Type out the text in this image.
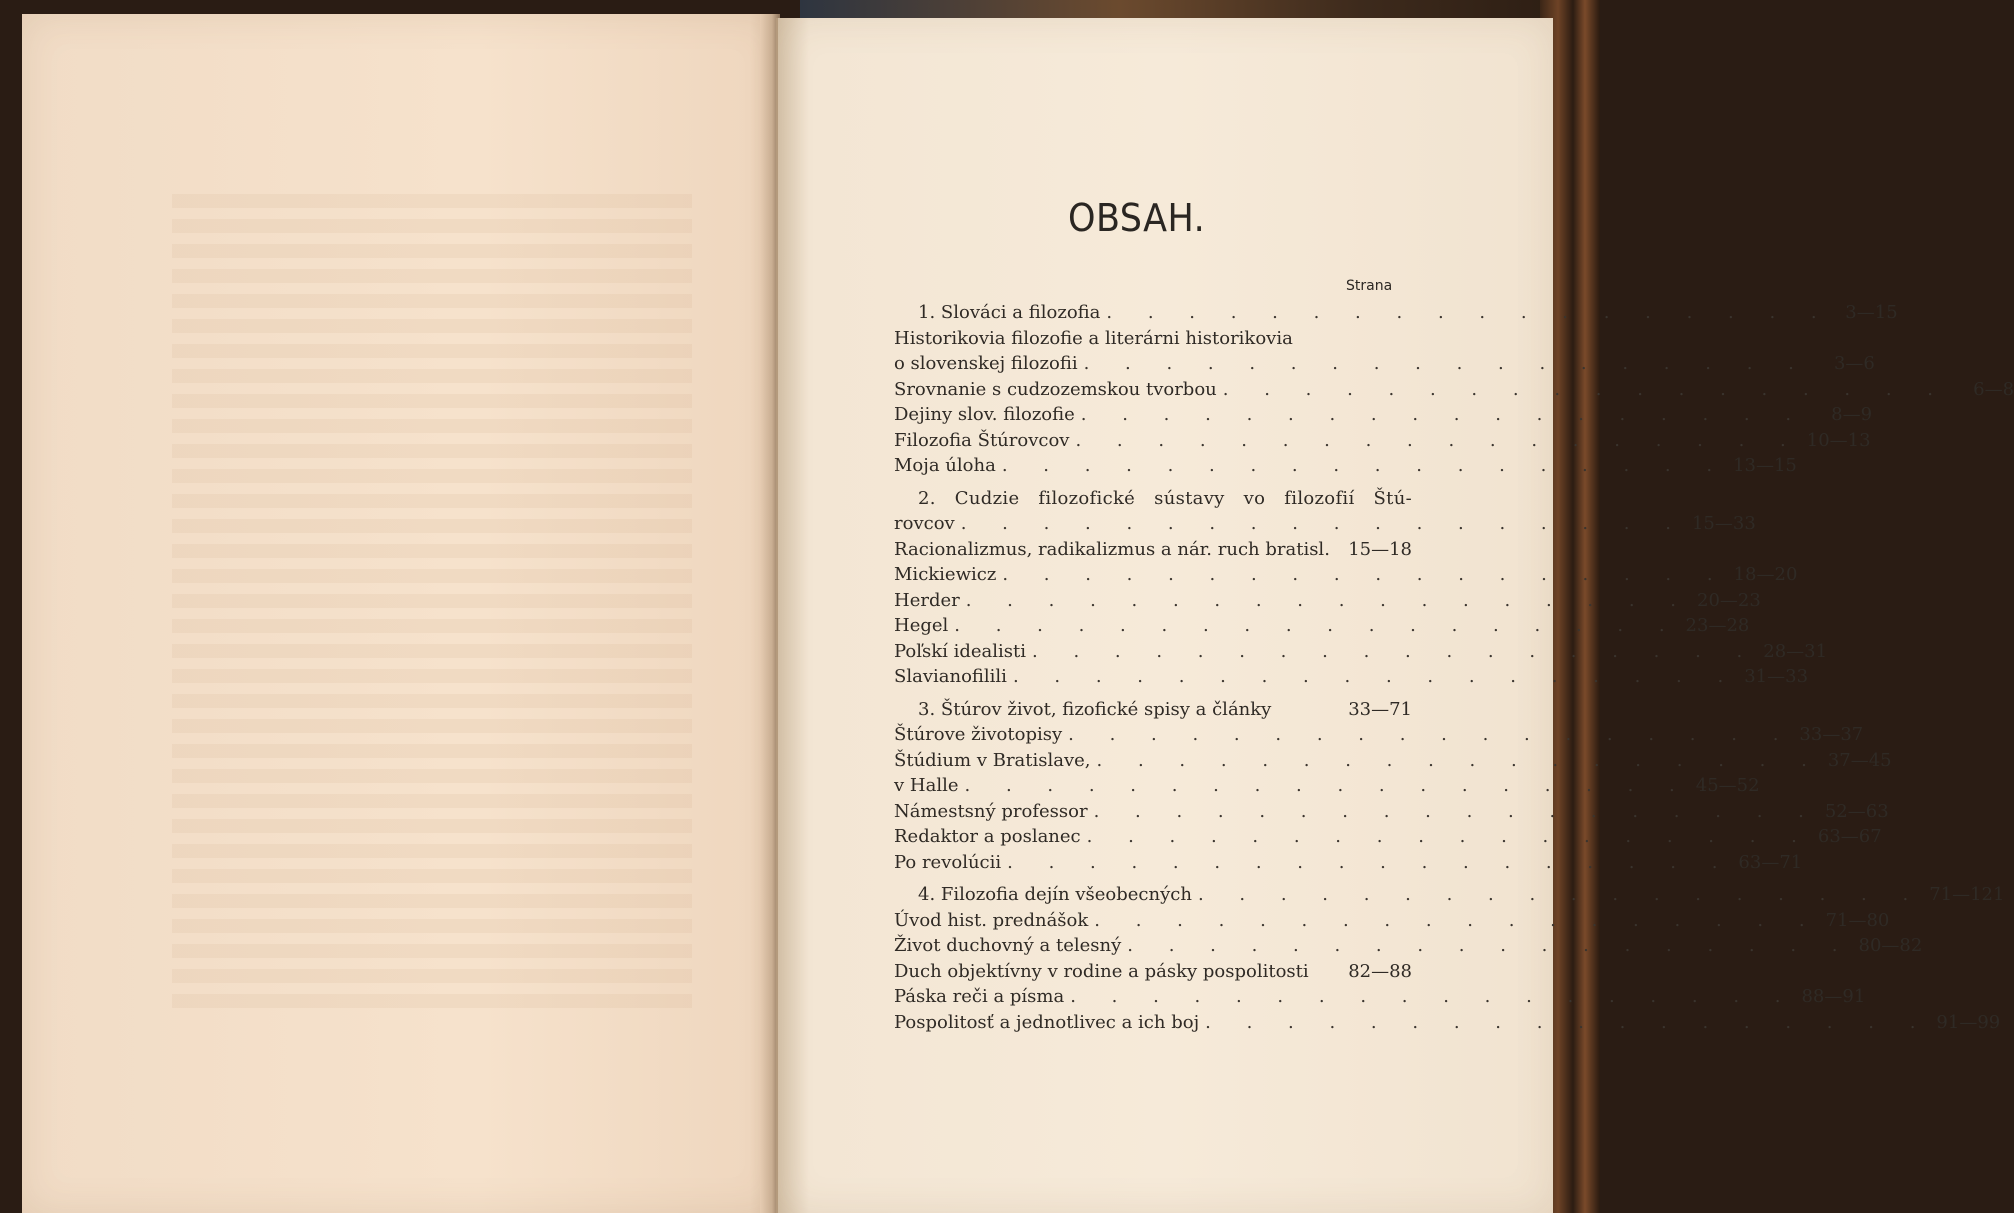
OBSAH.
Strana
1. Slováci a filozofia . . . . . . . . . . . . . . . . . . 3—15
Historikovia filozofie a literárni historikovia
o slovenskej filozofii . . . . . . . . . . . . . . . . . .	3—6
Srovnanie s cudzozemskou tvorbou . . . . . . . . . . . . . . . . . .	6—8
Dejiny slov. filozofie . . . . . . . . . . . . . . . . . .	8—9
Filozofia Štúrovcov . . . . . . . . . . . . . . . . . . 10—13
Moja úloha . . . . . . . . . . . . . . . . . . 13—15
2. Cudzie filozofické sústavy vo filozofií Štú-
rovcov . . . . . . . . . . . . . . . . . . 15—33
Racionalizmus, radikalizmus a nár. ruch bratisl. 15—18
Mickiewicz . . . . . . . . . . . . . . . . . . 18—20
Herder . . . . . . . . . . . . . . . . . . 20—23
Hegel . . . . . . . . . . . . . . . . . . 23—28
Poľskí idealisti . . . . . . . . . . . . . . . . . . 28—31
Slavianofilili . . . . . . . . . . . . . . . . . . 31—33
3. Štúrov život, fizofické spisy a články	33—71
Štúrove životopisy . . . . . . . . . . . . . . . . . . 33—37
Štúdium v Bratislave, . . . . . . . . . . . . . . . . . . 37—45
v Halle . . . . . . . . . . . . . . . . . . 45—52
Námestsný professor . . . . . . . . . . . . . . . . . . 52—63
Redaktor a poslanec . . . . . . . . . . . . . . . . . . 63—67
Po revolúcii . . . . . . . . . . . . . . . . . . 63—71
4. Filozofia dejín všeobecných . . . . . . . . . . . . . . . . . . 71—121
Úvod hist. prednášok . . . . . . . . . . . . . . . . . . 71—80
Život duchovný a telesný . . . . . . . . . . . . . . . . . . 80—82
Duch objektívny v rodine a pásky pospolitosti 82—88
Páska reči a písma . . . . . . . . . . . . . . . . . . 88—91
Pospolitosť a jednotlivec a ich boj . . . . . . . . . . . . . . . . . . 91—99
